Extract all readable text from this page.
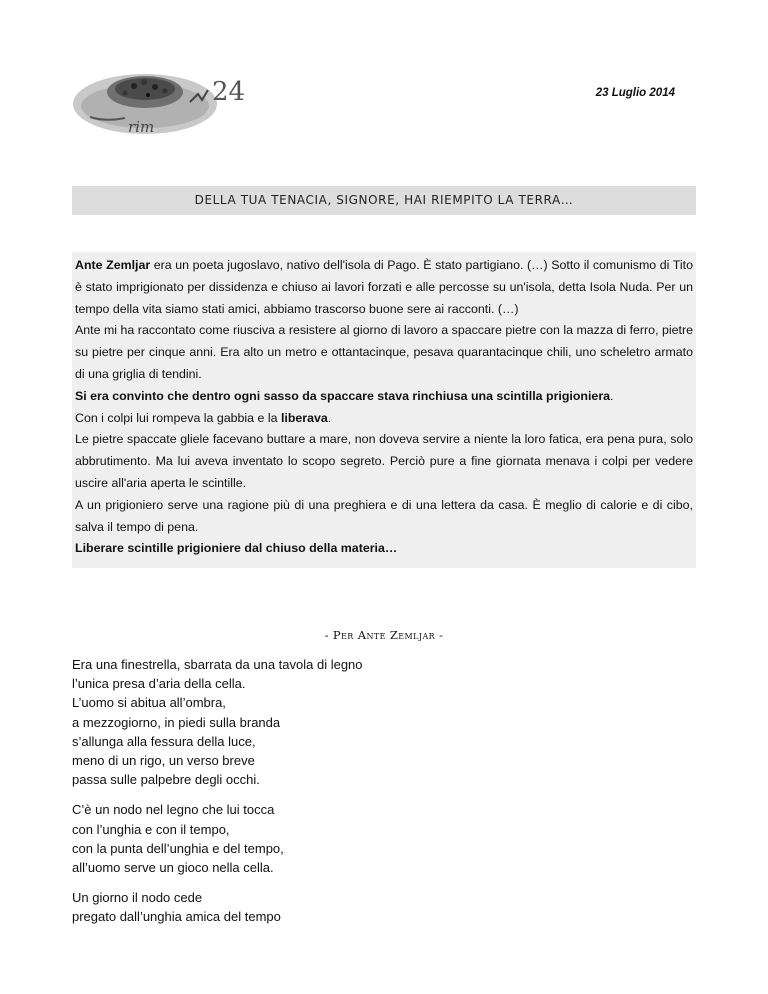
24
rim
23 Luglio 2014
DELLA TUA TENACIA, SIGNORE, HAI RIEMPITO LA TERRA…

Ante Zemljar era un poeta jugoslavo, nativo dell'isola di Pago. È stato partigiano. (…) Sotto il comunismo di Tito è stato imprigionato per dissidenza e chiuso ai lavori forzati e alle percosse su un'isola, detta Isola Nuda. Per un tempo della vita siamo stati amici, abbiamo trascorso buone sere ai racconti. (…)

Ante mi ha raccontato come riusciva a resistere al giorno di lavoro a spaccare pietre con la mazza di ferro, pietre su pietre per cinque anni. Era alto un metro e ottantacinque, pesava quarantacinque chili, uno scheletro armato di una griglia di tendini.

Si era convinto che dentro ogni sasso da spaccare stava rinchiusa una scintilla prigioniera.

Con i colpi lui rompeva la gabbia e la liberava.

Le pietre spaccate gliele facevano buttare a mare, non doveva servire a niente la loro fatica, era pena pura, solo abbrutimento. Ma lui aveva inventato lo scopo segreto. Perciò pure a fine giornata menava i colpi per vedere uscire all'aria aperta le scintille.

A un prigioniero serve una ragione più di una preghiera e di una lettera da casa. È meglio di calorie e di cibo, salva il tempo di pena.

Liberare scintille prigioniere dal chiuso della materia…

- Per Ante Zemljar -
Era una finestrella, sbarrata da una tavola di legno
l’unica presa d’aria della cella.
L’uomo si abitua all’ombra,
a mezzogiorno, in piedi sulla branda
s’allunga alla fessura della luce,
meno di un rigo, un verso breve
passa sulle palpebre degli occhi.
C’è un nodo nel legno che lui tocca
con l’unghia e con il tempo,
con la punta dell’unghia e del tempo,
all’uomo serve un gioco nella cella.
Un giorno il nodo cede
pregato dall’unghia amica del tempo
